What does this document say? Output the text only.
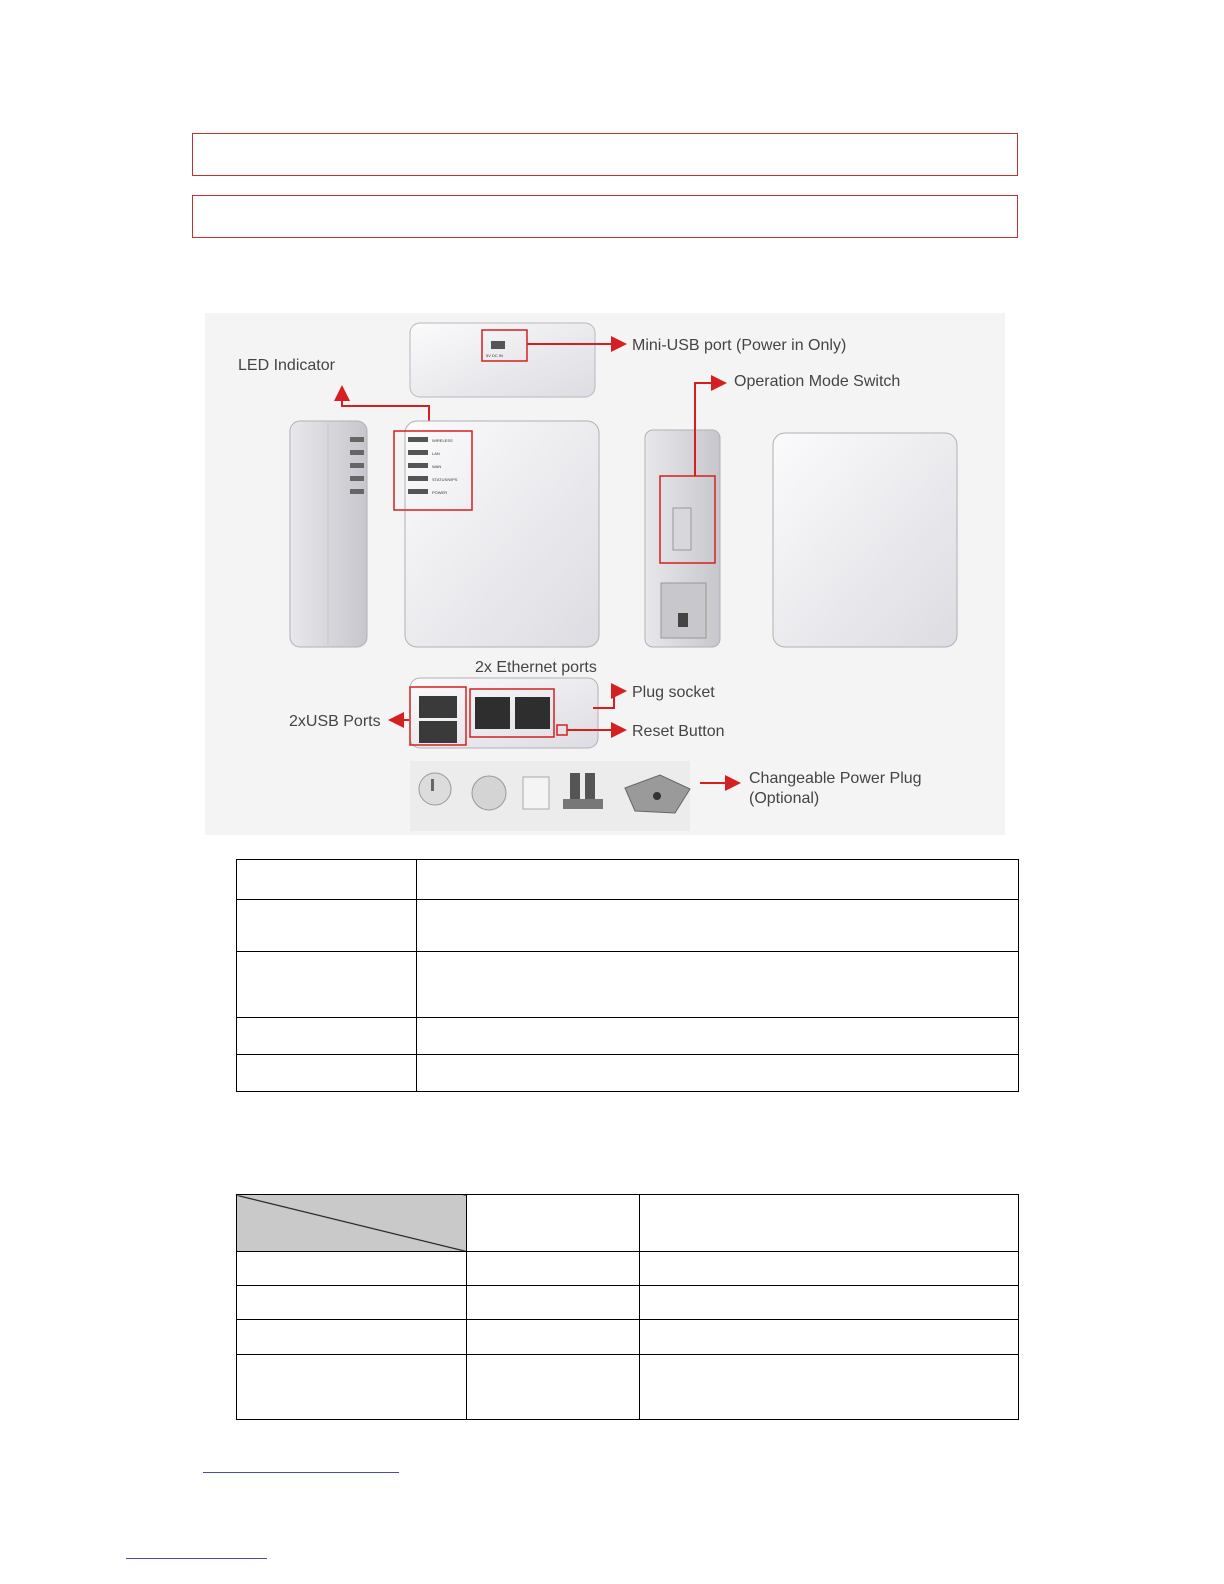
5V DC IN
Mini-USB port (Power in Only)
LED Indicator
WIRELESS
LAN
WAN
STATUS/WPS
POWER
Operation Mode Switch
2x Ethernet ports
2xUSB Ports
Plug socket
Reset Button
Changeable Power Plug
(Optional)
